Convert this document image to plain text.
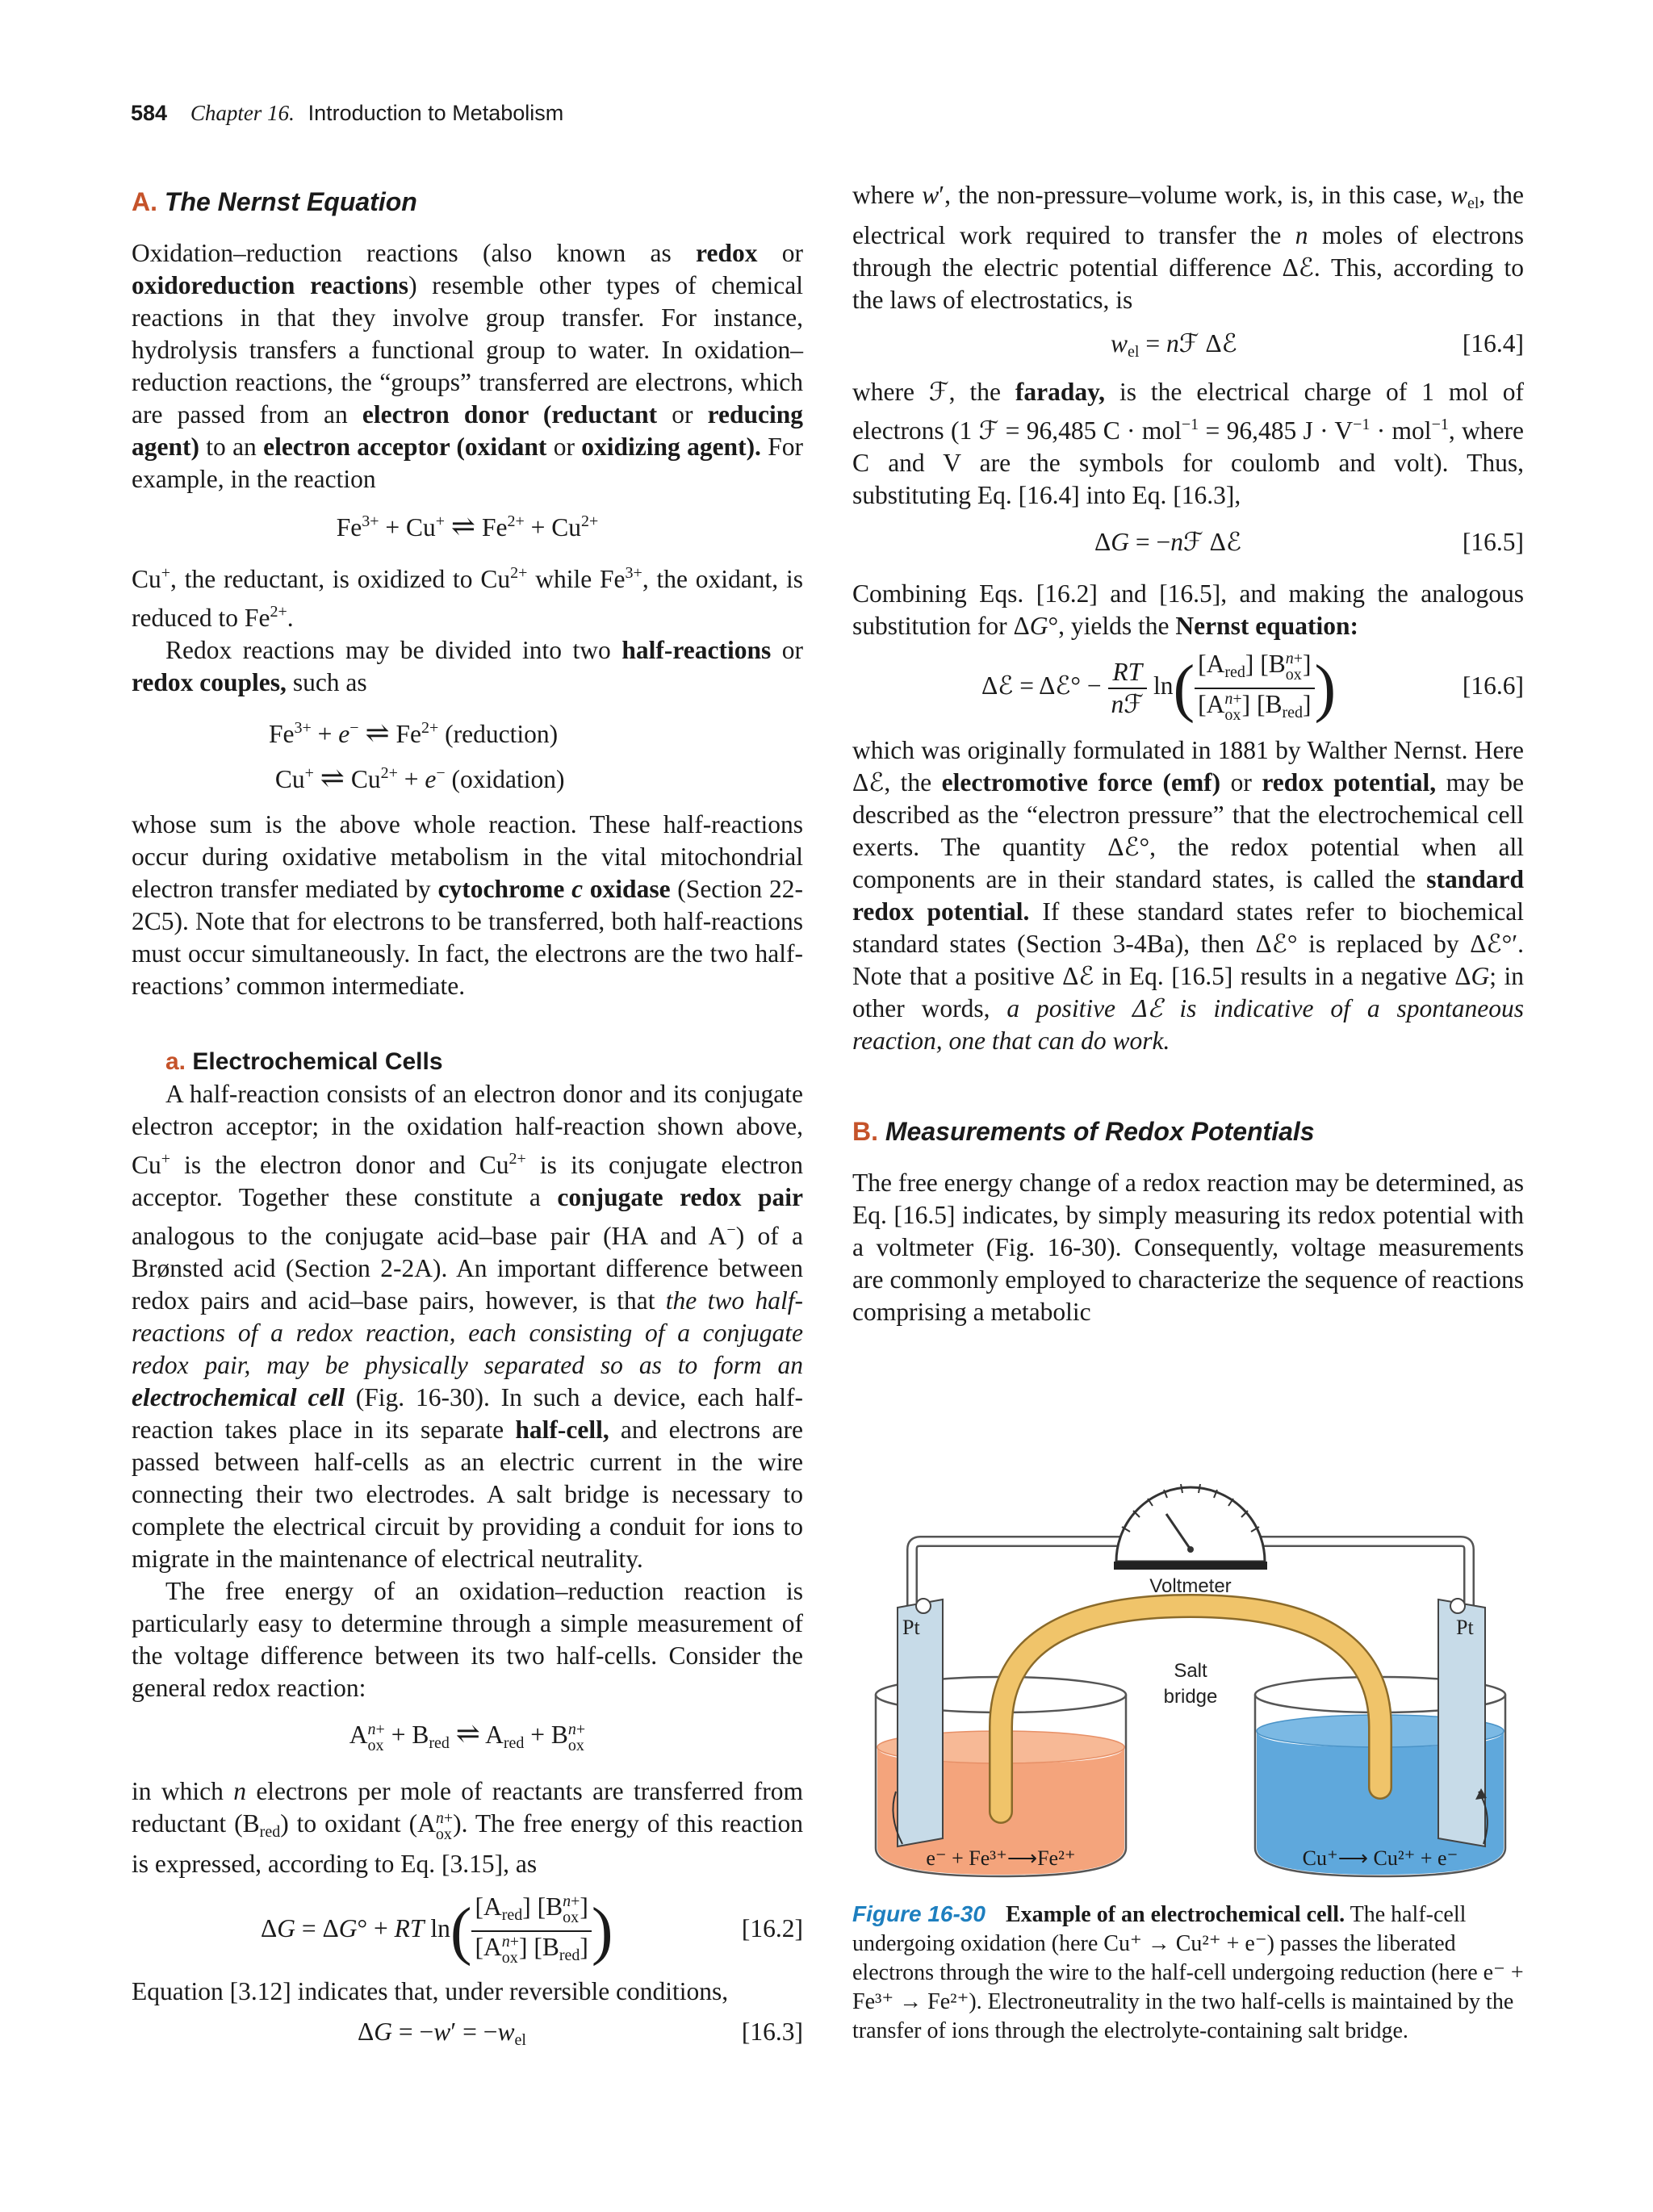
584 Chapter 16. Introduction to Metabolism
A. The Nernst Equation

Oxidation–reduction reactions (also known as redox or oxidoreduction reactions) resemble other types of chemical reactions in that they involve group transfer. For instance, hydrolysis transfers a functional group to water. In oxidation–reduction reactions, the “groups” transferred are electrons, which are passed from an electron donor (reductant or reducing agent) to an electron acceptor (oxidant or oxidizing agent). For example, in the reaction

$Fe^{3+} + Cu^+$ ⇌ $Fe^{2+} + Cu^{2+}$

Cu+, the reductant, is oxidized to $Cu^{2+}$ while $Fe^{3+}$, the oxidant, is reduced to $Fe^{2+}$.

Redox reactions may be divided into two half-reactions or redox couples, such as

$Fe^{3+} + e^-$ ⇌ $Fe^{2+}$ (reduction)
Cu+ ⇌ $Cu^{2+} + e^-$ (oxidation)

whose sum is the above whole reaction. These half-reactions occur during oxidative metabolism in the vital mitochondrial electron transfer mediated by cytochrome c oxidase (Section 22-2C5). Note that for electrons to be transferred, both half-reactions must occur simultaneously. In fact, the electrons are the two half-reactions’ common intermediate.

a. Electrochemical Cells

A half-reaction consists of an electron donor and its conjugate electron acceptor; in the oxidation half-reaction shown above, Cu+ is the electron donor and $Cu^{2+}$ is its conjugate electron acceptor. Together these constitute a conjugate redox pair analogous to the conjugate acid–base pair (HA and A−) of a Brønsted acid (Section 2-2A). An important difference between redox pairs and acid–base pairs, however, is that the two half-reactions of a redox reaction, each consisting of a conjugate redox pair, may be physically separated so as to form an electrochemical cell (Fig. 16-30). In such a device, each half-reaction takes place in its separate half-cell, and electrons are passed between half-cells as an electric current in the wire connecting their two electrodes. A salt bridge is necessary to complete the electrical circuit by providing a conduit for ions to migrate in the maintenance of electrical neutrality.

The free energy of an oxidation–reduction reaction is particularly easy to determine through a simple measurement of the voltage difference between its two half-cells. Consider the general redox reaction:

A n+
ox + $B_{red}$ ⇌ $A_{red} + B$ n+
ox

in which n electrons per mole of reactants are transferred from reductant $(B_{red})$ to oxidant (A n+
ox ). The free energy of this reaction is expressed, according to Eq. [3.15], as

ΔG = ΔG° + RT ln( $[A_{red}]$ [B n+
ox ]
[A n+
ox ] $[B_{red}]$ )	[16.2]

Equation [3.12] indicates that, under reversible conditions,

$\Delta G = -w' = -w_{el}$	[16.3]

where w′, the non-pressure–volume work, is, in this case, $w_{el}$, the electrical work required to transfer the n moles of electrons through the electric potential difference Δℰ. This, according to the laws of electrostatics, is

$w_{el}$ = nℱ Δℰ	[16.4]

where ℱ, the faraday, is the electrical charge of 1 mol of electrons (1 ℱ = 96,485 C · mol$^{-1}$ = 96,485 $J \cdot V^{-1} \cdot mol^{-1}$, where C and V are the symbols for coulomb and volt). Thus, substituting Eq. [16.4] into Eq. [16.3],

ΔG = −nℱ Δℰ	[16.5]

Combining Eqs. [16.2] and [16.5], and making the analogous substitution for ΔG°, yields the Nernst equation:

Δℰ = Δℰ° − $\frac{RT}{\text{nℱ}} \ln$( $[A_{red}]$ [B n+
ox ]
[A n+
ox ] $[B_{red}]$ )	[16.6]

which was originally formulated in 1881 by Walther Nernst. Here Δℰ, the electromotive force (emf) or redox potential, may be described as the “electron pressure” that the electrochemical cell exerts. The quantity Δℰ°, the redox potential when all components are in their standard states, is called the standard redox potential. If these standard states refer to biochemical standard states (Section 3-4Ba), then Δℰ° is replaced by Δℰ°′. Note that a positive Δℰ in Eq. [16.5] results in a negative ΔG; in other words, a positive Δℰ is indicative of a spontaneous reaction, one that can do work.

B. Measurements of Redox Potentials

The free energy change of a redox reaction may be determined, as Eq. [16.5] indicates, by simply measuring its redox potential with a voltmeter (Fig. 16-30). Consequently, voltage measurements are commonly employed to characterize the sequence of reactions comprising a metabolic

Voltmeter
Pt	Pt
Salt
bridge
e⁻ + Fe³⁺⟶Fe²⁺	Cu⁺⟶ Cu²⁺ + e⁻
Figure 16-30 Example of an electrochemical cell. The half-cell undergoing oxidation (here Cu⁺ → Cu²⁺ + e⁻) passes the liberated electrons through the wire to the half-cell undergoing reduction (here e⁻ + Fe³⁺ → Fe²⁺). Electroneutrality in the two half-cells is maintained by the transfer of ions through the electrolyte-containing salt bridge.
